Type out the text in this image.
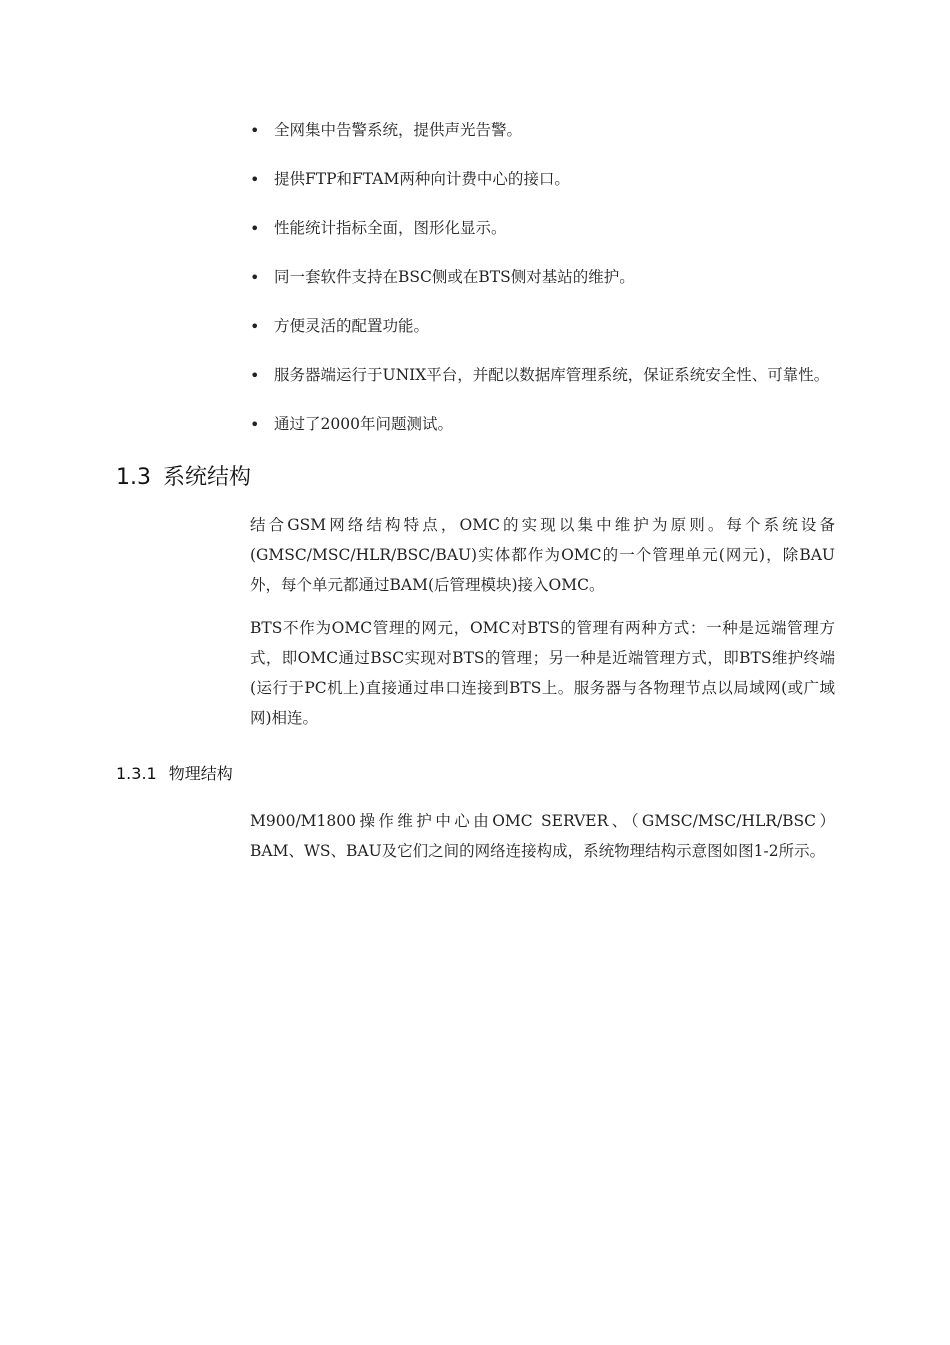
• 全网集中告警系统，提供声光告警。
• 提供FTP和FTAM两种向计费中心的接口。
• 性能统计指标全面，图形化显示。
• 同一套软件支持在BSC侧或在BTS侧对基站的维护。
• 方便灵活的配置功能。
• 服务器端运行于UNIX平台，并配以数据库管理系统，保证系统安全性、可靠性。
• 通过了2000年问题测试。
1.3 系统结构

结合GSM网络结构特点，OMC的实现以集中维护为原则。每个系统设备(GMSC/MSC/HLR/BSC/BAU)实体都作为OMC的一个管理单元(网元)，除BAU外，每个单元都通过BAM(后管理模块)接入OMC。

BTS不作为OMC管理的网元，OMC对BTS的管理有两种方式：一种是远端管理方式，即OMC通过BSC实现对BTS的管理；另一种是近端管理方式，即BTS维护终端(运行于PC机上)直接通过串口连接到BTS上。服务器与各物理节点以局域网(或广域网)相连。

1.3.1 物理结构

M900/M1800操作维护中心由OMC SERVER、（GMSC/MSC/HLR/BSC）BAM、WS、BAU及它们之间的网络连接构成，系统物理结构示意图如图1-2所示。
